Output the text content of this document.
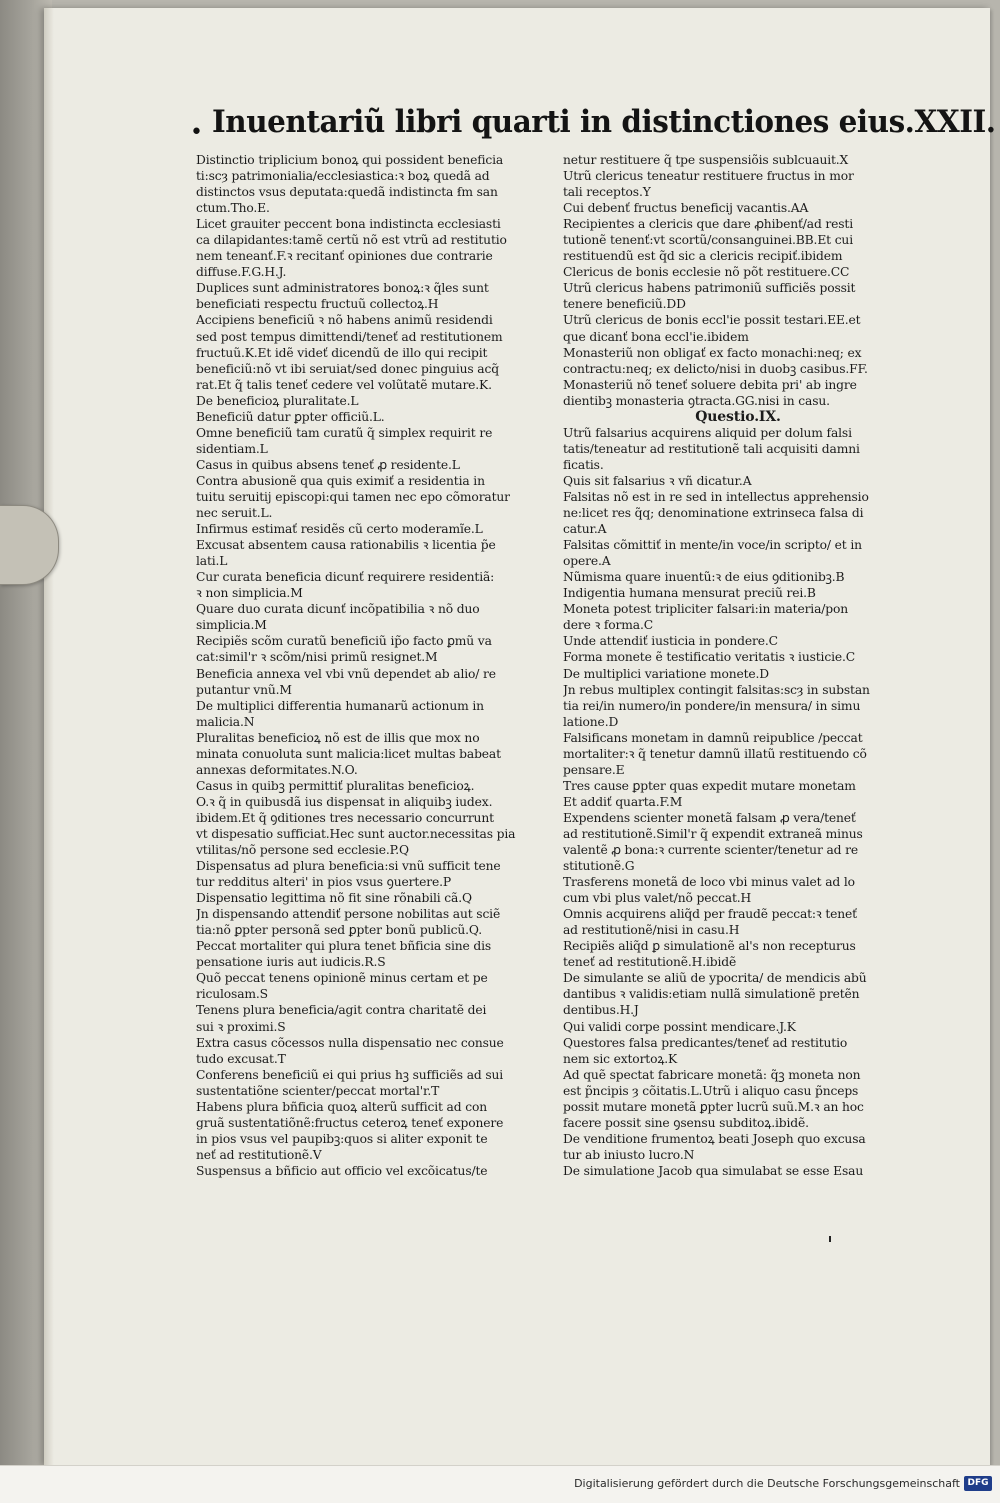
• Inuentariũ libri quarti in distinctiones eius.XXII.
Distinctio triplicium bonoꝝ qui possident beneficia
ti:scȝ patrimonialia/ecclesiastica:ꝛ boꝝ quedã ad
distinctos vsus deputata:quedã indistincta ẜm san
ctum.Tho.E.
Licet grauiter peccent bona indistincta ecclesiasti
ca dilapidantes:tamẽ certũ nõ est vtrũ ad restitutio
nem teneanť.F.ꝛ recitanť opiniones due contrarie
diffuse.F.G.H.J.
Duplices sunt administratores bonoꝝ:ꝛ q̃les sunt
beneficiati respectu fructuũ collectoꝝ.H
Accipiens beneficiũ ꝛ nõ habens animũ residendi
sed post tempus dimittendi/teneť ad restitutionem
fructuũ.K.Et idẽ videť dicendũ de illo qui recipit
beneficiũ:nõ vt ibi seruiat/sed donec pinguius acq̃
rat.Et q̃ talis teneť cedere vel volũtatẽ mutare.K.
De beneficioꝝ pluralitate.L
Beneficiũ datur ꝑpter officiũ.L.
Omne beneficiũ tam curatũ q̃ simplex requirit re
sidentiam.L
Casus in quibus absens teneť ꝓ residente.L
Contra abusionẽ qua quis eximiť a residentia in
tuitu seruitij episcopi:qui tamen nec epo cõmoratur
nec seruit.L.
Infirmus estimať residẽs cũ certo moderamĩe.L
Excusat absentem causa rationabilis ꝛ licentia p̃e
lati.L
Cur curata beneficia dicunť requirere residentiã:
ꝛ non simplicia.M
Quare duo curata dicunť incõpatibilia ꝛ nõ duo
simplicia.M
Recipiẽs scõm curatũ beneficiũ ip̃o facto ꝑmũ va
cat:simil'r ꝛ scõm/nisi primũ resignet.M
Beneficia annexa vel vbi vnũ dependet ab alio/ re
putantur vnũ.M
De multiplici differentia humanarũ actionum in
malicia.N
Pluralitas beneficioꝝ nõ est de illis que mox no
minata conuoluta sunt malicia:licet multas babeat
annexas deformitates.N.O.
Casus in quibꝫ permittiť pluralitas beneficioꝝ.
O.ꝛ q̃ in quibusdã ius dispensat in aliquibꝫ iudex.
ibidem.Et q̃ ꝯditiones tres necessario concurrunt
vt dispesatio sufficiat.Hec sunt auctor.necessitas pia
vtilitas/nõ persone sed ecclesie.P.Q
Dispensatus ad plura beneficia:si vnũ sufficit tene
tur redditus alteri' in pios vsus ꝯuertere.P
Dispensatio legittima nõ fit sine rõnabili cã.Q
Jn dispensando attendiť persone nobilitas aut sciẽ
tia:nõ ꝑpter personã sed ꝑpter bonũ publicũ.Q.
Peccat mortaliter qui plura tenet bñficia sine dis
pensatione iuris aut iudicis.R.S
Quõ peccat tenens opinionẽ minus certam et pe
riculosam.S
Tenens plura beneficia/agit contra charitatẽ dei
sui ꝛ proximi.S
Extra casus cõcessos nulla dispensatio nec consue
tudo excusat.T
Conferens beneficiũ ei qui prius hꝫ sufficiẽs ad sui
sustentatiõne scienter/peccat mortal'r.T
Habens plura bñficia quoꝝ alterũ sufficit ad con
gruã sustentatiõnẽ:fructus ceteroꝝ teneť exponere
in pios vsus vel paupibꝫ:quos si aliter exponit te
neť ad restitutionẽ.V
Suspensus a bñficio aut officio vel excõicatus/te
netur restituere q̃ tpe suspensiõis sublcuauit.X
Utrũ clericus teneatur restituere fructus in mor
tali receptos.Y
Cui debenť fructus beneficij vacantis.AA
Recipientes a clericis que dare ꝓhibenť/ad resti
tutionẽ tenenť:vt scortũ/consanguinei.BB.Et cui
restituendũ est q̃d sic a clericis recipiť.ibidem
Clericus de bonis ecclesie nõ põt restituere.CC
Utrũ clericus habens patrimoniũ sufficiẽs possit
tenere beneficiũ.DD
Utrũ clericus de bonis eccl'ie possit testari.EE.et
que dicanť bona eccl'ie.ibidem
Monasteriũ non obligať ex facto monachi:neq; ex
contractu:neq; ex delicto/nisi in duobꝫ casibus.FF.
Monasteriũ nõ teneť soluere debita pri' ab ingre
dientibꝫ monasteria ꝯtracta.GG.nisi in casu.
Questio.IX.
Utrũ falsarius acquirens aliquid per dolum falsi
tatis/teneatur ad restitutionẽ tali acquisiti damni
ficatis.
Quis sit falsarius ꝛ vñ dicatur.A
Falsitas nõ est in re sed in intellectus apprehensio
ne:licet res q̃q; denominatione extrinseca falsa di
catur.A
Falsitas cõmittiť in mente/in voce/in scripto/ et in
opere.A
Nũmisma quare inuentũ:ꝛ de eius ꝯditionibꝫ.B
Indigentia humana mensurat preciũ rei.B
Moneta potest tripliciter falsari:in materia/pon
dere ꝛ forma.C
Unde attendiť iusticia in pondere.C
Forma monete ẽ testificatio veritatis ꝛ iusticie.C
De multiplici variatione monete.D
Jn rebus multiplex contingit falsitas:scȝ in substan
tia rei/in numero/in pondere/in mensura/ in simu
latione.D
Falsificans monetam in damnũ reipublice /peccat
mortaliter:ꝛ q̃ tenetur damnũ illatũ restituendo cõ
pensare.E
Tres cause ꝑpter quas expedit mutare monetam
Et addiť quarta.F.M
Expendens scienter monetã falsam ꝓ vera/teneť
ad restitutionẽ.Simil'r q̃ expendit extraneã minus
valentẽ ꝓ bona:ꝛ currente scienter/tenetur ad re
stitutionẽ.G
Trasferens monetã de loco vbi minus valet ad lo
cum vbi plus valet/nõ peccat.H
Omnis acquirens aliq̃d per fraudẽ peccat:ꝛ teneť
ad restitutionẽ/nisi in casu.H
Recipiẽs aliq̃d ꝑ simulationẽ al's non recepturus
teneť ad restitutionẽ.H.ibidẽ
De simulante se aliũ de ypocrita/ de mendicis abũ
dantibus ꝛ validis:etiam nullã simulationẽ pretẽn
dentibus.H.J
Qui validi corpe possint mendicare.J.K
Questores falsa predicantes/teneť ad restitutio
nem sic extortoꝝ.K
Ad quẽ spectat fabricare monetã: q̃ꝫ moneta non
est p̃ncipis ȝ cõitatis.L.Utrũ i aliquo casu p̃nceps
possit mutare monetã ꝑpter lucrũ suũ.M.ꝛ an hoc
facere possit sine ꝯsensu subditoꝝ.ibidẽ.
De venditione frumentoꝝ beati Joseph quo excusa
tur ab iniusto lucro.N
De simulatione Jacob qua simulabat se esse Esau
Digitalisierung gefördert durch die Deutsche Forschungsgemeinschaft DFG
